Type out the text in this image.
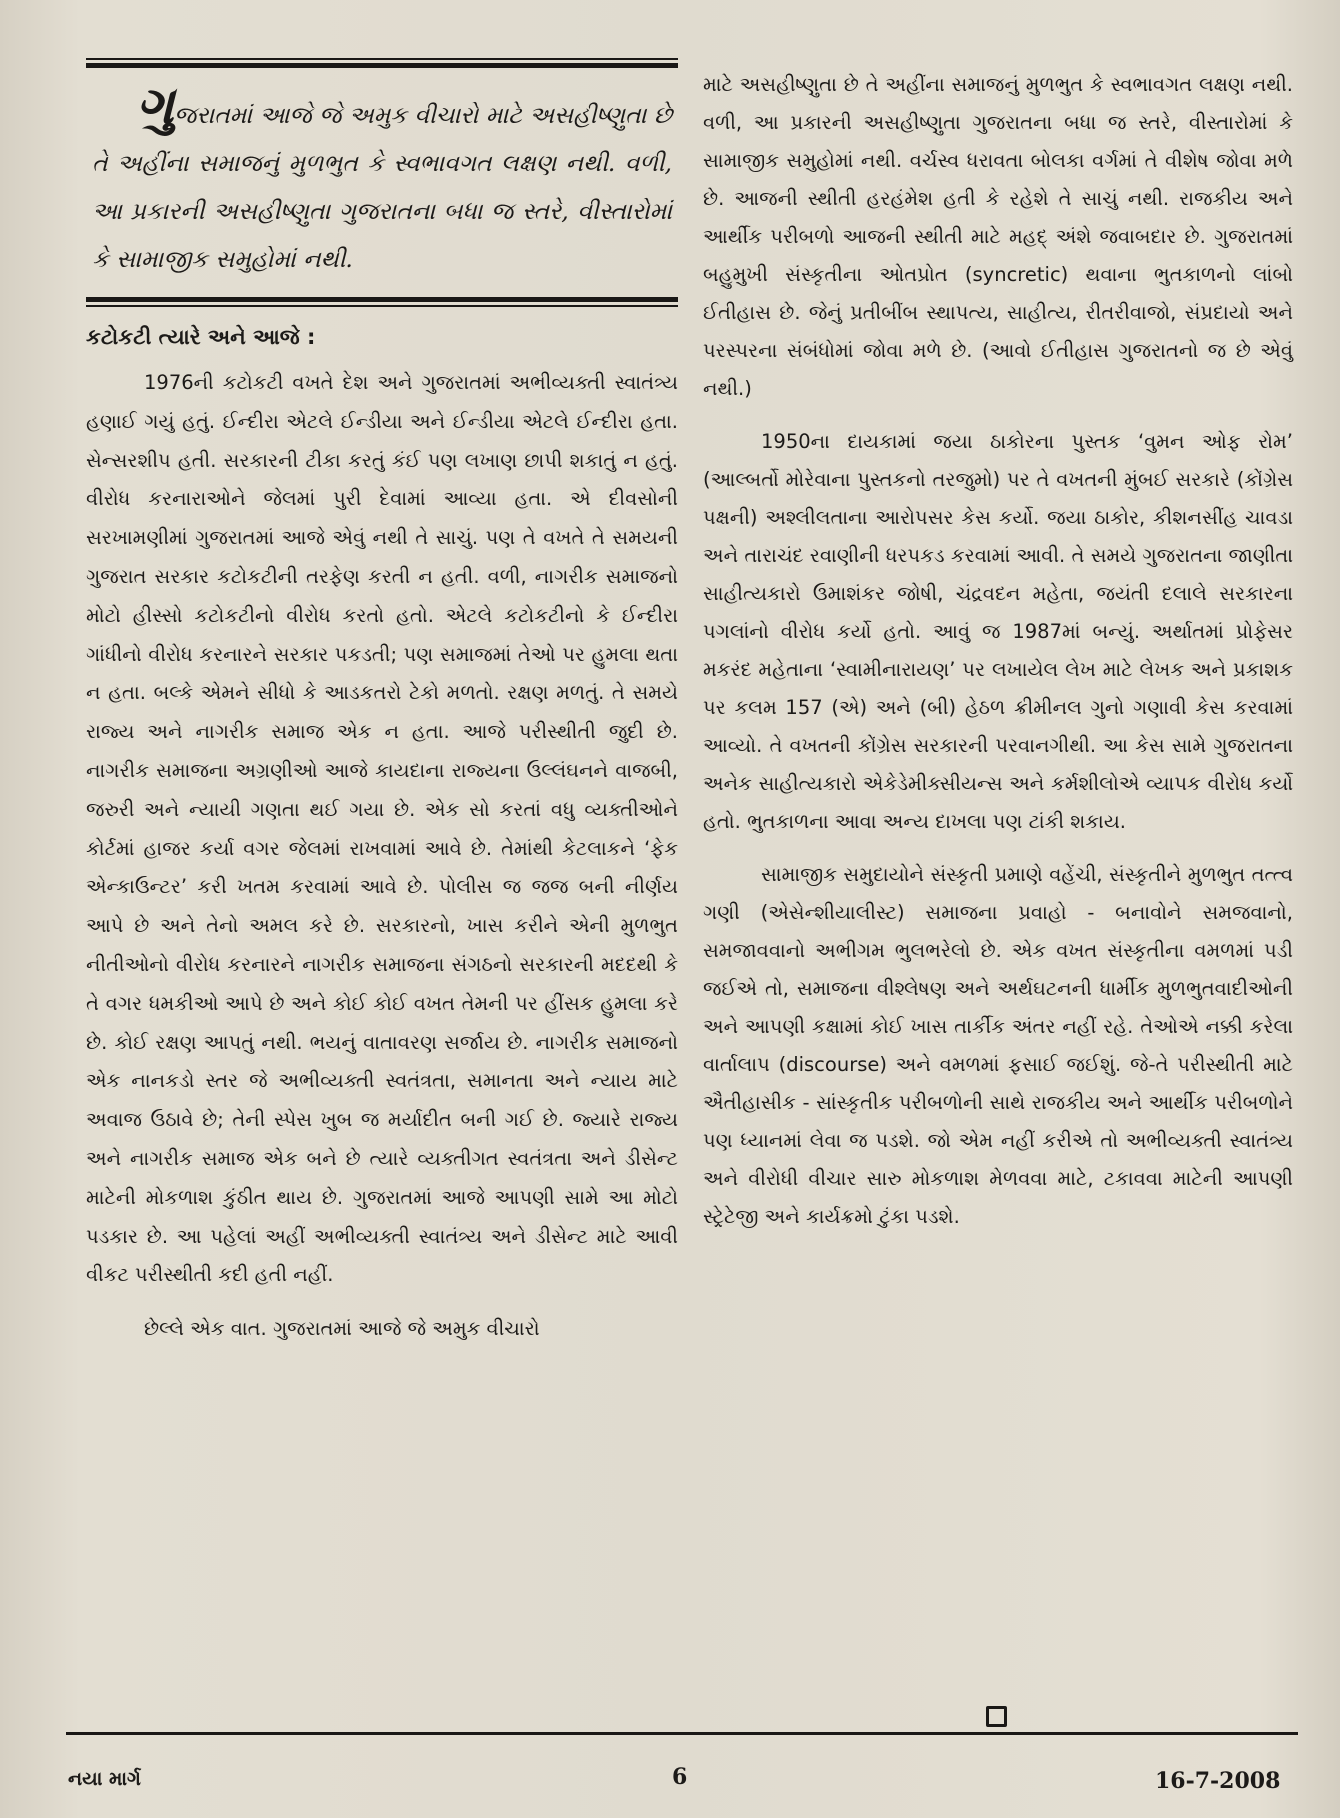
ગુજરાતમાં આજે જે અમુક વીચારો માટે અસહીષ્ણુતા છે તે અહીંના સમાજનું મુળભુત કે સ્વભાવગત લક્ષણ નથી. વળી, આ પ્રકારની અસહીષ્ણુતા ગુજરાતના બધા જ સ્તરે, વીસ્તારોમાં કે સામાજીક સમુહોમાં નથી.

કટોકટી ત્યારે અને આજે :

1976ની કટોકટી વખતે દેશ અને ગુજરાતમાં અભીવ્યક્તી સ્વાતંત્ર્ય હણાઈ ગયું હતું. ઈન્દીરા એટલે ઈન્ડીયા અને ઈન્ડીયા એટલે ઈન્દીરા હતા. સેન્સરશીપ હતી. સરકારની ટીકા કરતું કંઈ પણ લખાણ છાપી શકાતું ન હતું. વીરોધ કરનારાઓને જેલમાં પુરી દેવામાં આવ્યા હતા. એ દીવસોની સરખામણીમાં ગુજરાતમાં આજે એવું નથી તે સાચું. પણ તે વખતે તે સમયની ગુજરાત સરકાર કટોકટીની તરફેણ કરતી ન હતી. વળી, નાગરીક સમાજનો મોટો હીસ્સો કટોકટીનો વીરોધ કરતો હતો. એટલે કટોકટીનો કે ઈન્દીરા ગાંધીનો વીરોધ કરનારને સરકાર પકડતી; પણ સમાજમાં તેઓ પર હુમલા થતા ન હતા. બલ્કે એમને સીધો કે આડકતરો ટેકો મળતો. રક્ષણ મળતું. તે સમયે રાજ્ય અને નાગરીક સમાજ એક ન હતા. આજે પરીસ્થીતી જુદી છે. નાગરીક સમાજના અગ્રણીઓ આજે કાયદાના રાજ્યના ઉલ્લંઘનને વાજબી, જરુરી અને ન્યાયી ગણતા થઈ ગયા છે. એક સો કરતાં વધુ વ્યક્તીઓને કોર્ટમાં હાજર કર્યા વગર જેલમાં રાખવામાં આવે છે. તેમાંથી કેટલાકને ‘ફેક એન્કાઉન્ટર’ કરી ખતમ કરવામાં આવે છે. પોલીસ જ જજ બની નીર્ણય આપે છે અને તેનો અમલ કરે છે. સરકારનો, ખાસ કરીને એની મુળભુત નીતીઓનો વીરોધ કરનારને નાગરીક સમાજના સંગઠનો સરકારની મદદથી કે તે વગર ધમકીઓ આપે છે અને કોઈ કોઈ વખત તેમની પર હીંસક હુમલા કરે છે. કોઈ રક્ષણ આપતું નથી. ભયનું વાતાવરણ સર્જાય છે. નાગરીક સમાજનો એક નાનકડો સ્તર જે અભીવ્યક્તી સ્વતંત્રતા, સમાનતા અને ન્યાય માટે અવાજ ઉઠાવે છે; તેની સ્પેસ ખુબ જ મર્યાદીત બની ગઈ છે. જ્યારે રાજ્ય અને નાગરીક સમાજ એક બને છે ત્યારે વ્યક્તીગત સ્વતંત્રતા અને ડીસેન્ટ માટેની મોકળાશ કુંઠીત થાય છે. ગુજરાતમાં આજે આપણી સામે આ મોટો પડકાર છે. આ પહેલાં અહીં અભીવ્યક્તી સ્વાતંત્ર્ય અને ડીસેન્ટ માટે આવી વીકટ પરીસ્થીતી કદી હતી નહીં.

છેલ્લે એક વાત. ગુજરાતમાં આજે જે અમુક વીચારો

માટે અસહીષ્ણુતા છે તે અહીંના સમાજનું મુળભુત કે સ્વભાવગત લક્ષણ નથી. વળી, આ પ્રકારની અસહીષ્ણુતા ગુજરાતના બધા જ સ્તરે, વીસ્તારોમાં કે સામાજીક સમુહોમાં નથી. વર્ચસ્વ ધરાવતા બોલકા વર્ગમાં તે વીશેષ જોવા મળે છે. આજની સ્થીતી હરહંમેશ હતી કે રહેશે તે સાચું નથી. રાજકીય અને આર્થીક પરીબળો આજની સ્થીતી માટે મહદ્ અંશે જવાબદાર છે. ગુજરાતમાં બહુમુખી સંસ્કૃતીના ઓતપ્રોત (syncretic) થવાના ભુતકાળનો લાંબો ઈતીહાસ છે. જેનું પ્રતીબીંબ સ્થાપત્ય, સાહીત્ય, રીતરીવાજો, સંપ્રદાયો અને પરસ્પરના સંબંધોમાં જોવા મળે છે. (આવો ઈતીહાસ ગુજરાતનો જ છે એવું નથી.)

1950ના દાયકામાં જયા ઠાકોરના પુસ્તક ‘વુમન ઓફ રોમ’ (આલ્બર્તો મોરેવાના પુસ્તકનો તરજુમો) પર તે વખતની મુંબઈ સરકારે (કોંગ્રેસ પક્ષની) અશ્લીલતાના આરોપસર કેસ કર્યો. જયા ઠાકોર, કીશનસીંહ ચાવડા અને તારાચંદ રવાણીની ધરપકડ કરવામાં આવી. તે સમયે ગુજરાતના જાણીતા સાહીત્યકારો ઉમાશંકર જોષી, ચંદ્રવદન મહેતા, જયંતી દલાલે સરકારના પગલાંનો વીરોધ કર્યો હતો. આવું જ 1987માં બન્યું. અર્થાતમાં પ્રોફેસર મકરંદ મહેતાના ‘સ્વામીનારાયણ’ પર લખાયેલ લેખ માટે લેખક અને પ્રકાશક પર કલમ 157 (એ) અને (બી) હેઠળ ક્રીમીનલ ગુનો ગણાવી કેસ કરવામાં આવ્યો. તે વખતની કોંગ્રેસ સરકારની પરવાનગીથી. આ કેસ સામે ગુજરાતના અનેક સાહીત્યકારો એકેડેમીક્સીયન્સ અને કર્મશીલોએ વ્યાપક વીરોધ કર્યો હતો. ભુતકાળના આવા અન્ય દાખલા પણ ટાંકી શકાય.

સામાજીક સમુદાયોને સંસ્કૃતી પ્રમાણે વહેંચી, સંસ્કૃતીને મુળભુત તત્ત્વ ગણી (એસેન્શીયાલીસ્ટ) સમાજના પ્રવાહો - બનાવોને સમજવાનો, સમજાવવાનો અભીગમ ભુલભરેલો છે. એક વખત સંસ્કૃતીના વમળમાં પડી જઈએ તો, સમાજના વીશ્લેષણ અને અર્થઘટનની ધાર્મીક મુળભુતવાદીઓની અને આપણી કક્ષામાં કોઈ ખાસ તાર્કીક અંતર નહીં રહે. તેઓએ નક્કી કરેલા વાર્તાલાપ (discourse) અને વમળમાં ફસાઈ જઈશું. જે-તે પરીસ્થીતી માટે ઐતીહાસીક - સાંસ્કૃતીક પરીબળોની સાથે રાજકીય અને આર્થીક પરીબળોને પણ ધ્યાનમાં લેવા જ પડશે. જો એમ નહીં કરીએ તો અભીવ્યક્તી સ્વાતંત્ર્ય અને વીરોધી વીચાર સારુ મોકળાશ મેળવવા માટે, ટકાવવા માટેની આપણી સ્ટ્રેટેજી અને કાર્યક્રમો ટુંકા પડશે.

નયા માર્ગ	6	16-7-2008
